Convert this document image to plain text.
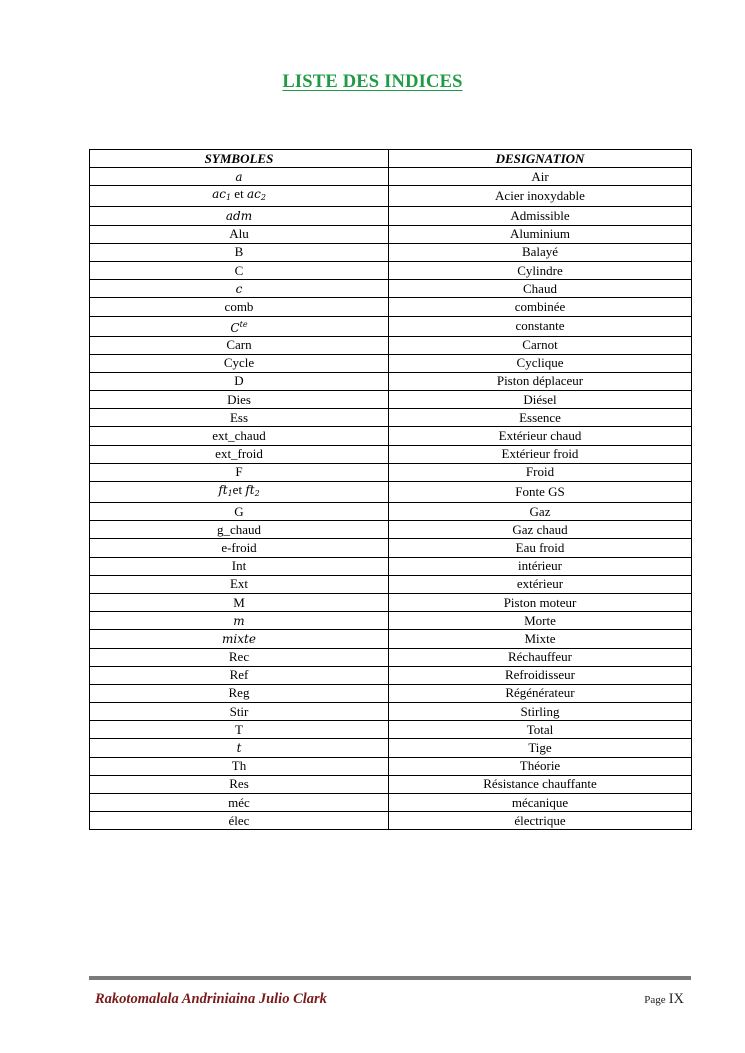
LISTE DES INDICES
SYMBOLES	DESIGNATION
a	Air
$ac_1$ et $ac_2$	Acier inoxydable
adm	Admissible
Alu	Aluminium
B	Balayé
C	Cylindre
c	Chaud
comb	combinée
$C^{te}$	constante
Carn	Carnot
Cycle	Cyclique
D	Piston déplaceur
Dies	Diésel
Ess	Essence
ext_chaud	Extérieur chaud
ext_froid	Extérieur froid
F	Froid
$ft_1et$ $ft_2$	Fonte GS
G	Gaz
g_chaud	Gaz chaud
e-froid	Eau froid
Int	intérieur
Ext	extérieur
M	Piston moteur
m	Morte
mixte	Mixte
Rec	Réchauffeur
Ref	Refroidisseur
Reg	Régénérateur
Stir	Stirling
T	Total
t	Tige
Th	Théorie
Res	Résistance chauffante
méc	mécanique
élec	électrique
Rakotomalala Andriniaina Julio Clark	Page IX
